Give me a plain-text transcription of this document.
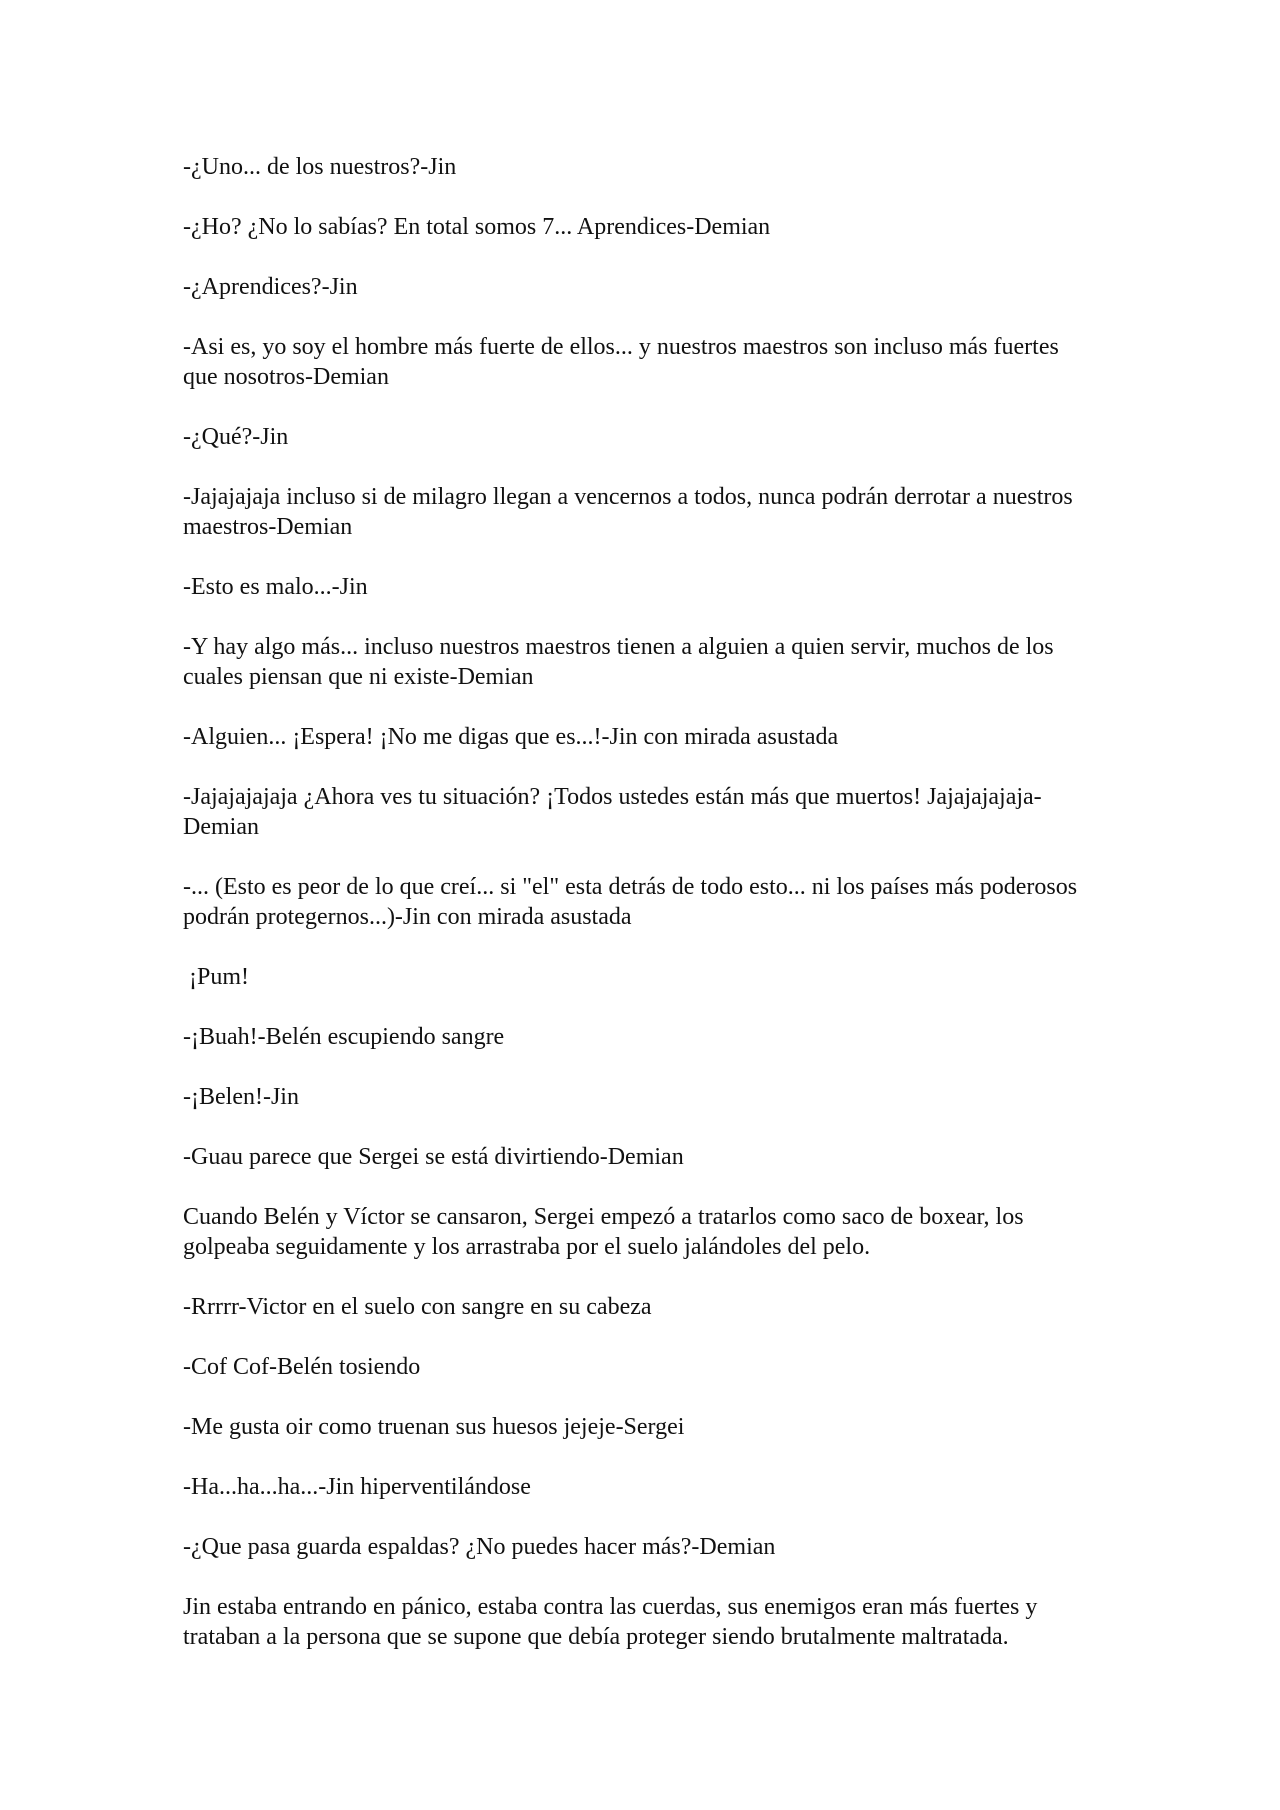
-¿Uno... de los nuestros?-Jin

-¿Ho? ¿No lo sabías? En total somos 7... Aprendices-Demian

-¿Aprendices?-Jin

-Asi es, yo soy el hombre más fuerte de ellos... y nuestros maestros son incluso más fuertes que nosotros-Demian

-¿Qué?-Jin

-Jajajajaja incluso si de milagro llegan a vencernos a todos, nunca podrán derrotar a nuestros maestros-Demian

-Esto es malo...-Jin

-Y hay algo más... incluso nuestros maestros tienen a alguien a quien servir, muchos de los cuales piensan que ni existe-Demian

-Alguien... ¡Espera! ¡No me digas que es...!-Jin con mirada asustada

-Jajajajajaja ¿Ahora ves tu situación? ¡Todos ustedes están más que muertos! Jajajajajaja-Demian

-... (Esto es peor de lo que creí... si "el" esta detrás de todo esto... ni los países más poderosos podrán protegernos...)-Jin con mirada asustada

¡Pum!

-¡Buah!-Belén escupiendo sangre

-¡Belen!-Jin

-Guau parece que Sergei se está divirtiendo-Demian

Cuando Belén y Víctor se cansaron, Sergei empezó a tratarlos como saco de boxear, los golpeaba seguidamente y los arrastraba por el suelo jalándoles del pelo.

-Rrrrr-Victor en el suelo con sangre en su cabeza

-Cof Cof-Belén tosiendo

-Me gusta oir como truenan sus huesos jejeje-Sergei

-Ha...ha...ha...-Jin hiperventilándose

-¿Que pasa guarda espaldas? ¿No puedes hacer más?-Demian

Jin estaba entrando en pánico, estaba contra las cuerdas, sus enemigos eran más fuertes y trataban a la persona que se supone que debía proteger siendo brutalmente maltratada.
